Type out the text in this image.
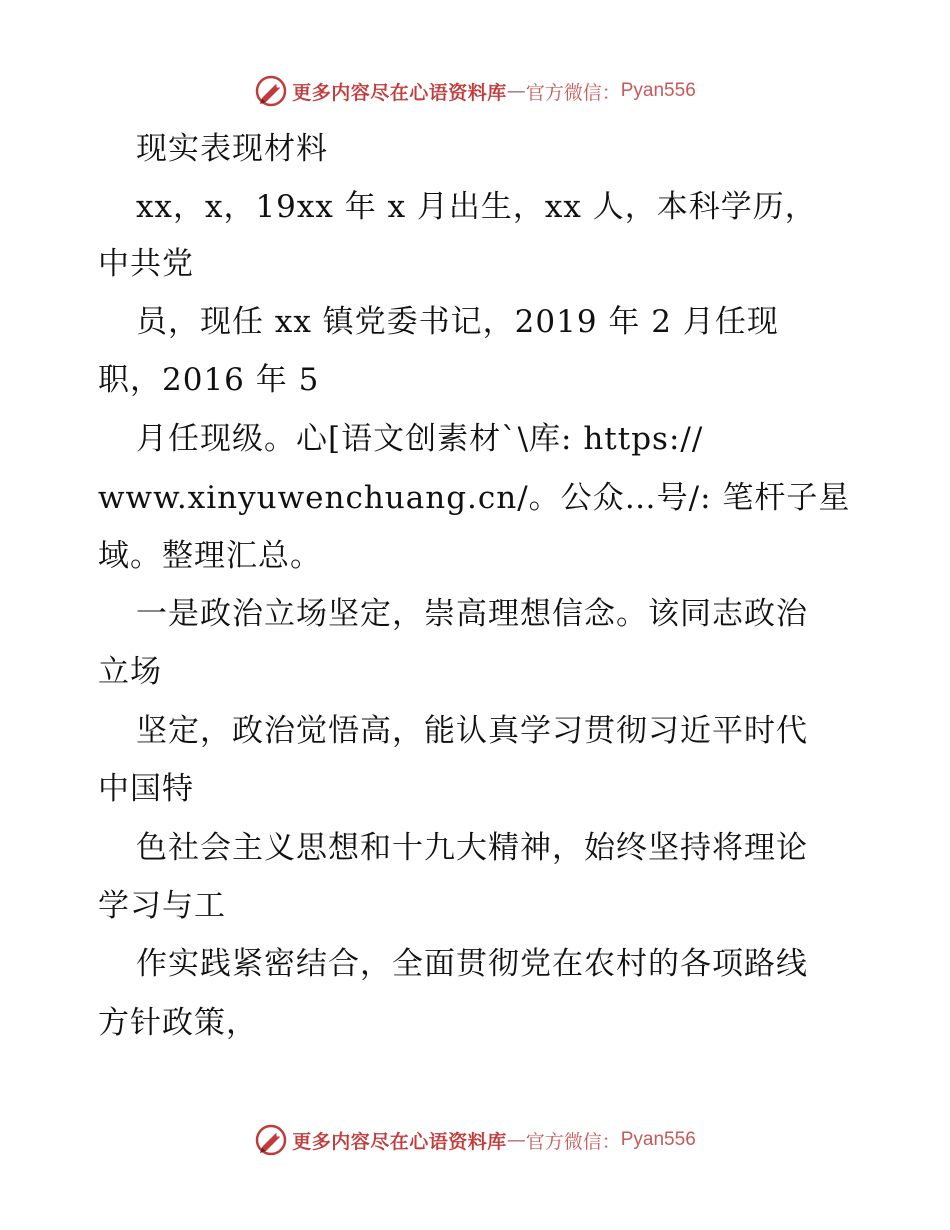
更多内容尽在心语资料库 — 官方微信： Pyan556
现实表现材料
xx，x，19xx 年 x 月出生，xx 人，本科学历，
中共党
员，现任 xx 镇党委书记，2019 年 2 月任现
职，2016 年 5
月任现级。心[语文创素材`\库: https://
www.xinyuwenchuang.cn/。公众…号/: 笔杆子星
域。整理汇总。
一是政治立场坚定，崇高理想信念。该同志政治
立场
坚定，政治觉悟高，能认真学习贯彻习近平时代
中国特
色社会主义思想和十九大精神，始终坚持将理论
学习与工
作实践紧密结合，全面贯彻党在农村的各项路线
方针政策，
更多内容尽在心语资料库 — 官方微信： Pyan556
